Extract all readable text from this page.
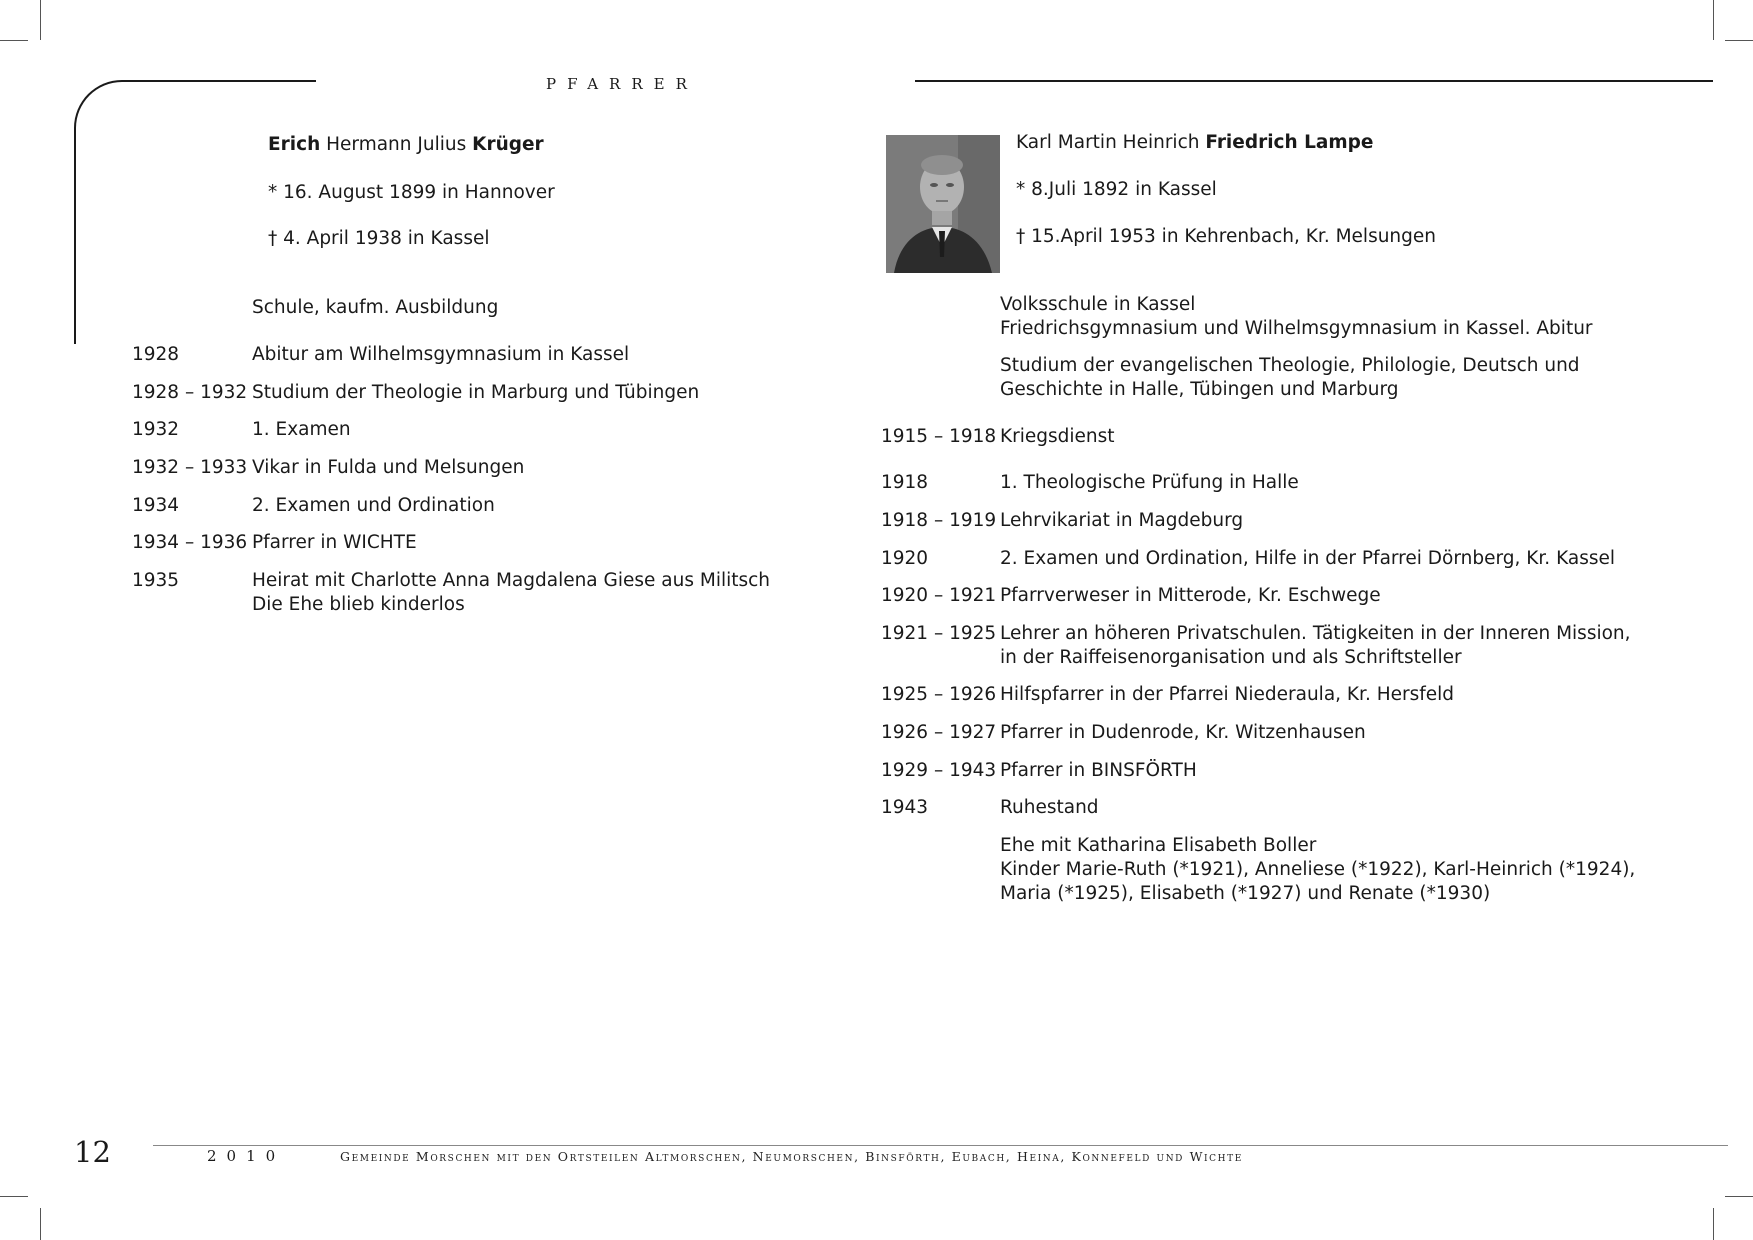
PFARRER
Erich Hermann Julius Krüger
* 16. August 1899 in Hannover
† 4. April 1938 in Kassel
Schule, kaufm. Ausbildung
1928	Abitur am Wilhelmsgymnasium in Kassel
1928 – 1932 Studium der Theologie in Marburg und Tübingen
1932	1. Examen
1932 – 1933 Vikar in Fulda und Melsungen
1934	2. Examen und Ordination
1934 – 1936 Pfarrer in WICHTE
1935	Heirat mit Charlotte Anna Magdalena Giese aus Militsch
Die Ehe blieb kinderlos
Karl Martin Heinrich Friedrich Lampe
* 8.Juli 1892 in Kassel
† 15.April 1953 in Kehrenbach, Kr. Melsungen
Volksschule in Kassel
Friedrichsgymnasium und Wilhelmsgymnasium in Kassel. Abitur
Studium der evangelischen Theologie, Philologie, Deutsch und
Geschichte in Halle, Tübingen und Marburg
1915 – 1918 Kriegsdienst
1918	1. Theologische Prüfung in Halle
1918 – 1919 Lehrvikariat in Magdeburg
1920	2. Examen und Ordination, Hilfe in der Pfarrei Dörnberg, Kr. Kassel
1920 – 1921 Pfarrverweser in Mitterode, Kr. Eschwege
1921 – 1925 Lehrer an höheren Privatschulen. Tätigkeiten in der Inneren Mission,
in der Raiffeisenorganisation und als Schriftsteller
1925 – 1926 Hilfspfarrer in der Pfarrei Niederaula, Kr. Hersfeld
1926 – 1927 Pfarrer in Dudenrode, Kr. Witzenhausen
1929 – 1943 Pfarrer in BINSFÖRTH
1943	Ruhestand
Ehe mit Katharina Elisabeth Boller
Kinder Marie-Ruth (*1921), Anneliese (*1922), Karl-Heinrich (*1924),
Maria (*1925), Elisabeth (*1927) und Renate (*1930)
12	2010	Gemeinde Morschen mit den Ortsteilen Altmorschen, Neumorschen, Binsförth, Eubach, Heina, Konnefeld und Wichte
